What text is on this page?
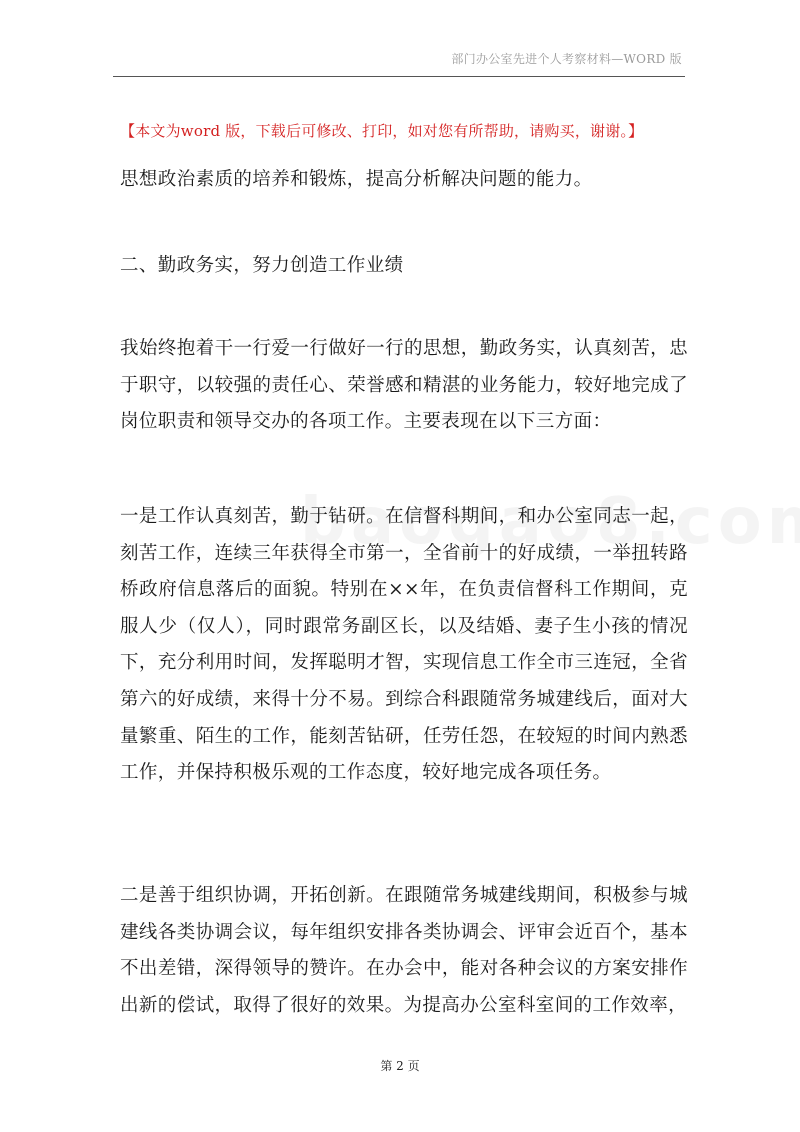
部门办公室先进个人考察材料—WORD 版
【本文为word 版，下载后可修改、打印，如对您有所帮助，请购买，谢谢。】

思想政治素质的培养和锻炼，提高分析解决问题的能力。

二、勤政务实，努力创造工作业绩

我始终抱着干一行爱一行做好一行的思想，勤政务实，认真刻苦，忠于职守，以较强的责任心、荣誉感和精湛的业务能力，较好地完成了岗位职责和领导交办的各项工作。主要表现在以下三方面：

一是工作认真刻苦，勤于钻研。在信督科期间，和办公室同志一起，刻苦工作，连续三年获得全市第一，全省前十的好成绩，一举扭转路桥政府信息落后的面貌。特别在××年，在负责信督科工作期间，克服人少（仅人），同时跟常务副区长，以及结婚、妻子生小孩的情况下，充分利用时间，发挥聪明才智，实现信息工作全市三连冠，全省第六的好成绩，来得十分不易。到综合科跟随常务城建线后，面对大量繁重、陌生的工作，能刻苦钻研，任劳任怨，在较短的时间内熟悉工作，并保持积极乐观的工作态度，较好地完成各项任务。

二是善于组织协调，开拓创新。在跟随常务城建线期间，积极参与城建线各类协调会议，每年组织安排各类协调会、评审会近百个，基本不出差错，深得领导的赞许。在办会中，能对各种会议的方案安排作出新的偿试，取得了很好的效果。为提高办公室科室间的工作效率，

第 2 页
